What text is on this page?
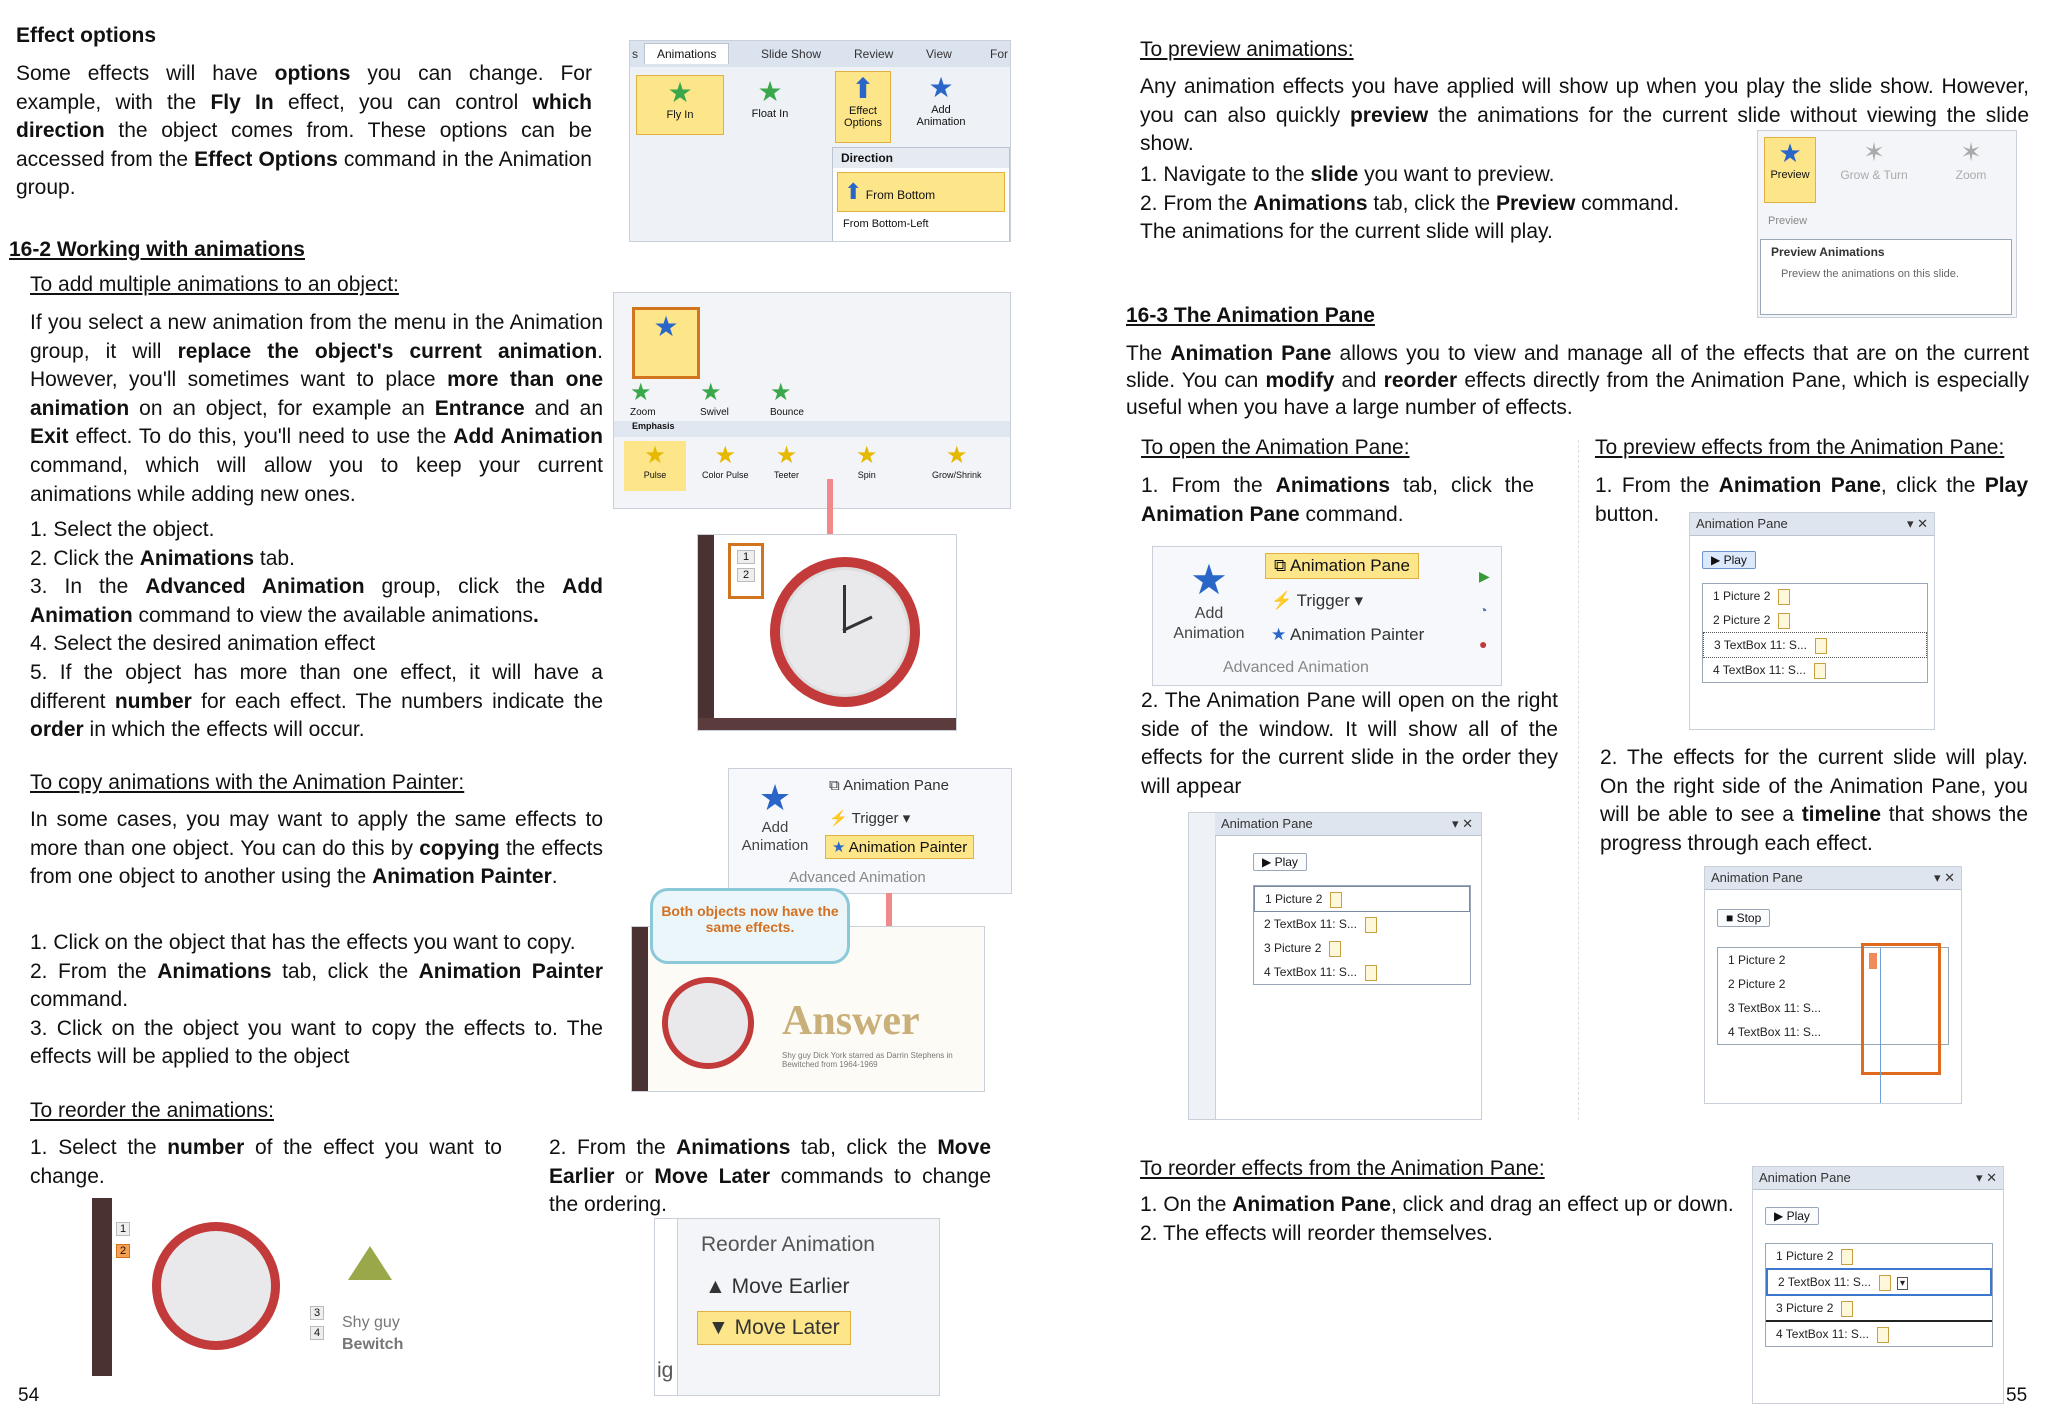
Effect options

Some effects will have options you can change. For example, with the Fly In effect, you can control which direction the object comes from. These options can be accessed from the Effect Options command in the Animation group.

16-2 Working with animations
To add multiple animations to an object:

If you select a new animation from the menu in the Animation group, it will replace the object's current animation. However, you'll sometimes want to place more than one animation on an object, for example an Entrance and an Exit effect. To do this, you'll need to use the Add Animation command, which will allow you to keep your current animations while adding new ones.

1. Select the object.

2. Click the Animations tab.

3. In the Advanced Animation group, click the Add Animation command to view the available animations.

4. Select the desired animation effect

5. If the object has more than one effect, it will have a different number for each effect. The numbers indicate the order in which the effects will occur.

To copy animations with the Animation Painter:

In some cases, you may want to apply the same effects to more than one object. You can do this by copying the effects from one object to another using the Animation Painter.

1. Click on the object that has the effects you want to copy.

2. From the Animations tab, click the Animation Painter command.

3. Click on the object you want to copy the effects to. The effects will be applied to the object

To reorder the animations:

1. Select the number of the effect you want to change.

2. From the Animations tab, click the Move Earlier or Move Later commands to change the ordering.

54
s	Animations	Slide Show	Review	View	For
★
Fly In
★
Float In
⬆
Effect Options
★
Add Animation
Direction
⬆ From Bottom
From Bottom-Left
★
★
Zoom
★
Swivel
★
Bounce
Emphasis
★
Pulse
★
Color Pulse
★
Teeter
★
Spin
★
Grow/Shrink
1
2
★
Add Animation
⧉ Animation Pane
⚡ Trigger ▾
★ Animation Painter
Advanced Animation
Answer
Shy guy Dick York starred as Darrin Stephens in Bewitched from 1964-1969
Both objects now have the same effects.
1
2
3
4
Shy guy
Bewitch
Reorder Animation
▲ Move Earlier
▼ Move Later
ig
To preview animations:

Any animation effects you have applied will show up when you play the slide show. However, you can also quickly preview the animations for the current slide without viewing the slide show.

1. Navigate to the slide you want to preview.

2. From the Animations tab, click the Preview command.

The animations for the current slide will play.

★
Preview
✶
Grow & Turn
✶
Zoom
Preview
Preview Animations
Preview the animations on this slide.
16-3 The Animation Pane

The Animation Pane allows you to view and manage all of the effects that are on the current slide. You can modify and reorder effects directly from the Animation Pane, which is especially useful when you have a large number of effects.

To open the Animation Pane:

1. From the Animations tab, click the Animation Pane command.

★
Add Animation
⧉ Animation Pane
⚡ Trigger ▾
★ Animation Painter
Advanced Animation
▶
◔
●

2. The Animation Pane will open on the right side of the window. It will show all of the effects for the current slide in the order they will appear

Animation Pane	▾ ✕
▶ Play
1 Picture 2
2 TextBox 11: S...
3 Picture 2
4 TextBox 11: S...
To preview effects from the Animation Pane:

1. From the Animation Pane, click the Play button.	Animation Pane	▾ ✕
▶ Play
1 Picture 2
2 Picture 2
3 TextBox 11: S...
4 TextBox 11: S...

2. The effects for the current slide will play. On the right side of the Animation Pane, you will be able to see a timeline that shows the progress through each effect.

Animation Pane	▾ ✕
■ Stop
1 Picture 2
2 Picture 2
3 TextBox 11: S...
4 TextBox 11: S...
To reorder effects from the Animation Pane:

1. On the Animation Pane, click and drag an effect up or down.

2. The effects will reorder themselves.

Animation Pane	▾ ✕
▶ Play
1 Picture 2
2 TextBox 11: S...	▾
3 Picture 2
4 TextBox 11: S...
55
